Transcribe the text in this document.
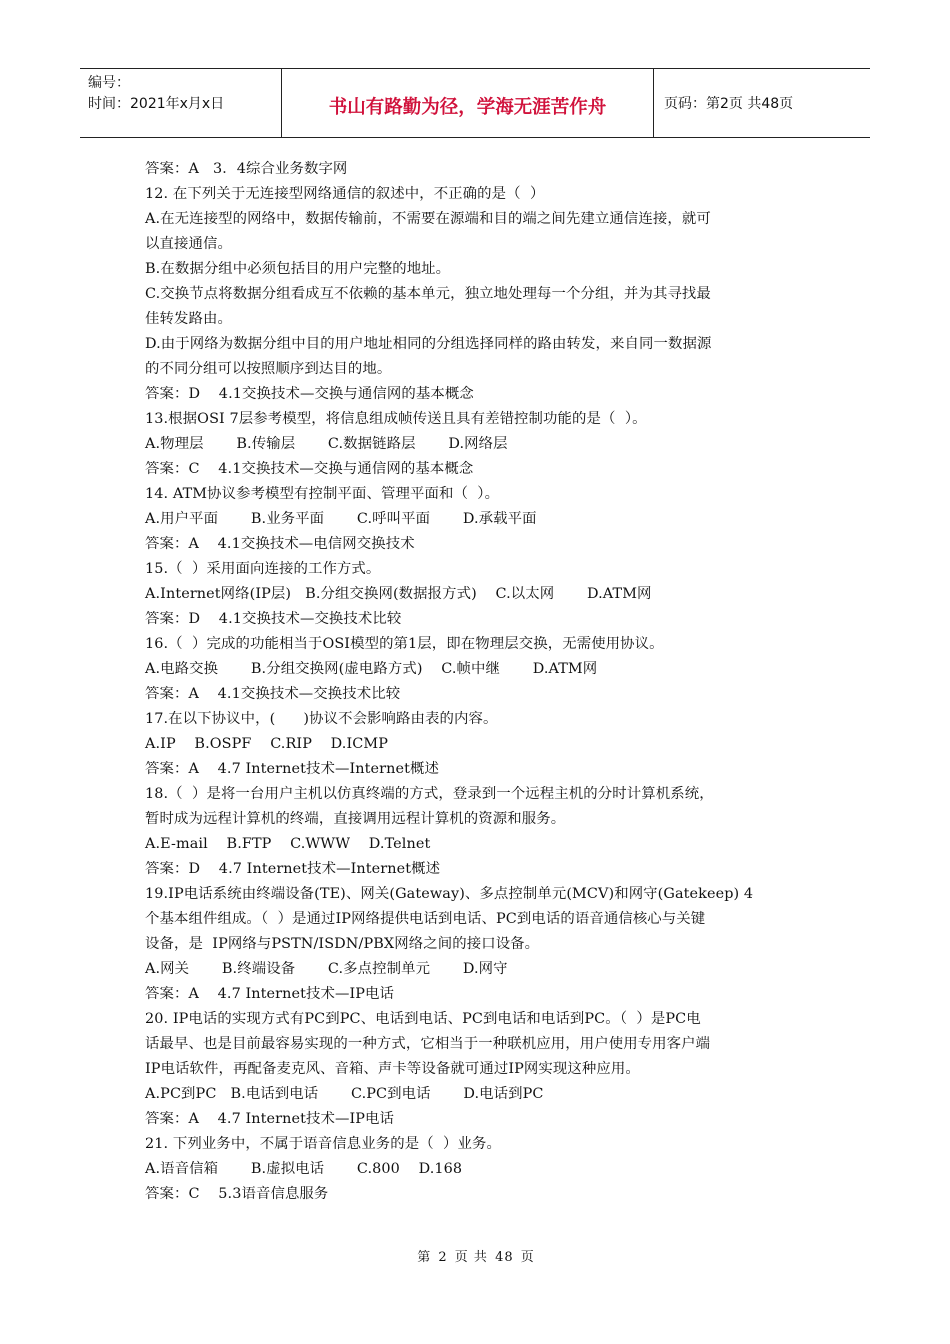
编号：
时间：2021年x月x日	书山有路勤为径，学海无涯苦作舟	页码：第2页 共48页
答案：A   3．4综合业务数字网
12. 在下列关于无连接型网络通信的叙述中，不正确的是（  ）
A.在无连接型的网络中，数据传输前，不需要在源端和目的端之间先建立通信连接，就可
以直接通信。
B.在数据分组中必须包括目的用户完整的地址。
C.交换节点将数据分组看成互不依赖的基本单元，独立地处理每一个分组，并为其寻找最
佳转发路由。
D.由于网络为数据分组中目的用户地址相同的分组选择同样的路由转发，来自同一数据源
的不同分组可以按照顺序到达目的地。
答案：D    4.1交换技术—交换与通信网的基本概念
13.根据OSI 7层参考模型，将信息组成帧传送且具有差错控制功能的是（  ）。
A.物理层       B.传输层       C.数据链路层       D.网络层
答案：C    4.1交换技术—交换与通信网的基本概念
14. ATM协议参考模型有控制平面、管理平面和（  ）。
A.用户平面       B.业务平面       C.呼叫平面       D.承载平面
答案：A    4.1交换技术—电信网交换技术
15.（  ）采用面向连接的工作方式。
A.Internet网络(IP层)   B.分组交换网(数据报方式)    C.以太网       D.ATM网
答案：D    4.1交换技术—交换技术比较
16.（  ）完成的功能相当于OSI模型的第1层，即在物理层交换，无需使用协议。
A.电路交换       B.分组交换网(虚电路方式)    C.帧中继       D.ATM网
答案：A    4.1交换技术—交换技术比较
17.在以下协议中，(      )协议不会影响路由表的内容。
A.IP    B.OSPF    C.RIP    D.ICMP
答案：A    4.7 Internet技术—Internet概述
18.（  ）是将一台用户主机以仿真终端的方式，登录到一个远程主机的分时计算机系统，
暂时成为远程计算机的终端，直接调用远程计算机的资源和服务。
A.E-mail    B.FTP    C.WWW    D.Telnet
答案：D    4.7 Internet技术—Internet概述
19.IP电话系统由终端设备(TE)、网关(Gateway)、多点控制单元(MCV)和网守(Gatekeep) 4
个基本组件组成。（  ）是通过IP网络提供电话到电话、PC到电话的语音通信核心与关键
设备，是  IP网络与PSTN/ISDN/PBX网络之间的接口设备。
A.网关       B.终端设备       C.多点控制单元       D.网守
答案：A    4.7 Internet技术—IP电话
20. IP电话的实现方式有PC到PC、电话到电话、PC到电话和电话到PC。（  ）是PC电
话最早、也是目前最容易实现的一种方式，它相当于一种联机应用，用户使用专用客户端
IP电话软件，再配备麦克风、音箱、声卡等设备就可通过IP网实现这种应用。
A.PC到PC   B.电话到电话       C.PC到电话       D.电话到PC
答案：A    4.7 Internet技术—IP电话
21. 下列业务中，不属于语音信息业务的是（  ）业务。
A.语音信箱       B.虚拟电话       C.800    D.168
答案：C    5.3语音信息服务
第 2 页 共 48 页
